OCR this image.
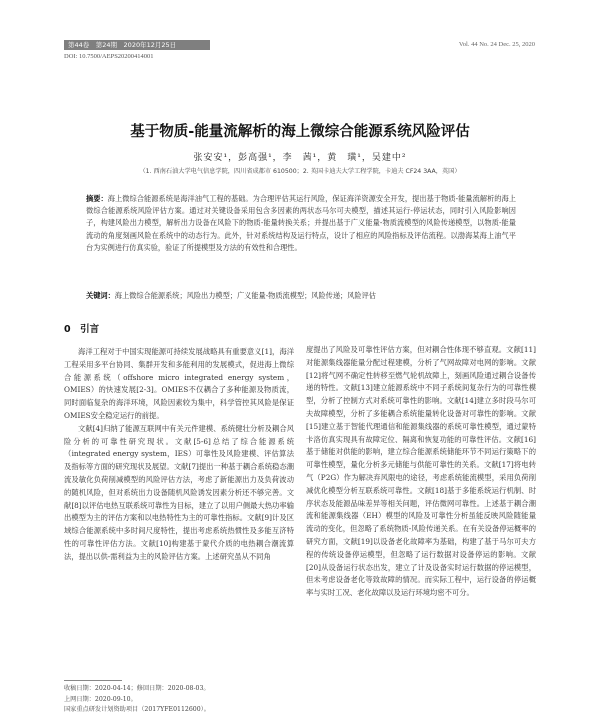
第44卷　第24期　2020年12月25日	Vol. 44 No. 24 Dec. 25, 2020
DOI: 10.7500/AEPS20200414001
基于物质-能量流解析的海上微综合能源系统风险评估
张安安¹，彭高强¹，李　茜¹，黄　璜¹，吴建中²
（1. 西南石油大学电气信息学院，四川省成都市 610500；2. 英国卡迪夫大学工程学院，卡迪夫 CF24 3AA，英国）
摘要：海上微综合能源系统是海洋油气工程的基础。为合理评估其运行风险，保证海洋资源安全开发，提出基于物质-能量流解析的海上微综合能源系统风险评估方案。通过对关键设备采用包含多因素的两状态马尔可夫模型，描述其运行-停运状态，同时引入风险影响因子，构建风险出力模型，解析出力设备在风险下的物质-能量转换关系；并提出基于广义能量-物质流模型的风险传递模型，以物质-能量流动的角度刻画风险在系统中的动态行为。此外，针对系统结构及运行特点，设计了相应的风险指标及评估流程。以渤海某海上油气平台为实例进行仿真实验，验证了所提模型及方法的有效性和合理性。
关键词：海上微综合能源系统；风险出力模型；广义能量-物质流模型；风险传递；风险评估
0　引言

海洋工程对于中国实现能源可持续发展战略具有重要意义[1]，海洋工程采用多平台协同、集群开发和多能利用的发展模式，促进海上微综合能源系统（offshore micro integrated energy system，OMIES）的快速发展[2-3]。OMIES不仅耦合了多种能源及物质流，同时面临复杂的海洋环境，风险因素较为集中，科学管控其风险是保证OMIES安全稳定运行的前提。

文献[4]归纳了能源互联网中有关元件建模、系统健壮分析及耦合风险分析的可靠性研究现状。文献[5-6]总结了综合能源系统（integrated energy system，IES）可靠性及风险建模、评估算法及指标等方面的研究现状及展望。文献[7]提出一种基于耦合系统稳态潮流及敏化负荷削减模型的风险评估方法，考虑了新能源出力及负荷波动的随机风险，但对系统出力设备随机风险诱发因素分析还不够完善。文献[8]以评估电热互联系统可靠性为目标，建立了以用户侧最大热功率输出模型为主的评估方案和以电热特性为主的可靠性指标。文献[9]计及区域综合能源系统中多时间尺度特性，提出考虑系统热惯性及多能互济特性的可靠性评估方法。文献[10]构建基于蒙代介质的电热耦合潮流算法，提出以供-需利益为主的风险评估方案。上述研究虽从不同角

度提出了风险及可靠性评估方案，但对耦合性体现不够直观。文献[11]对能源集线器能量分配过程建模，分析了气网故障对电网的影响。文献[12]将气网不确定性转移至燃气轮机故障上，刻画风险通过耦合设备传递的特性。文献[13]建立能源系统中不同子系统间复杂行为的可靠性模型，分析了控制方式对系统可靠性的影响。文献[14]建立多时段马尔可夫故障模型，分析了多能耦合系统能量转化设备对可靠性的影响。文献[15]建立基于智能代理通信和能源集线器的系统可靠性模型，通过蒙特卡洛仿真实现具有故障定位、隔离和恢复功能的可靠性评估。文献[16]基于储能对供能的影响，建立综合能源系统储能环节不同运行策略下的可靠性模型，量化分析多元储能与供能可靠性的关系。文献[17]将电转气（P2G）作为解决弃风限电的途径，考虑系统能流模型，采用负荷削减优化模型分析互联系统可靠性。文献[18]基于多能系统运行机制、时序状态及能源品味差异等相关问题，评估微网可靠性。上述基于耦合潮流和能源集线器（EH）模型的风险及可靠性分析虽能反映风险随能量流动的变化，但忽略了系统物质-风险传递关系。在有关设备停运概率的研究方面，文献[19]以设备老化故障率为基础，构建了基于马尔可夫方程的传统设备停运模型，但忽略了运行数据对设备停运的影响。文献[20]从设备运行状态出发，建立了计及设备实时运行数据的停运模型，但未考虑设备老化等致故障的情况。而实际工程中，运行设备的停运概率与实时工况、老化故障以及运行环境均密不可分。

收稿日期：2020-04-14；修回日期：2020-08-03。
上网日期：2020-09-10。
国家重点研发计划资助项目（2017YFE0112600）。
